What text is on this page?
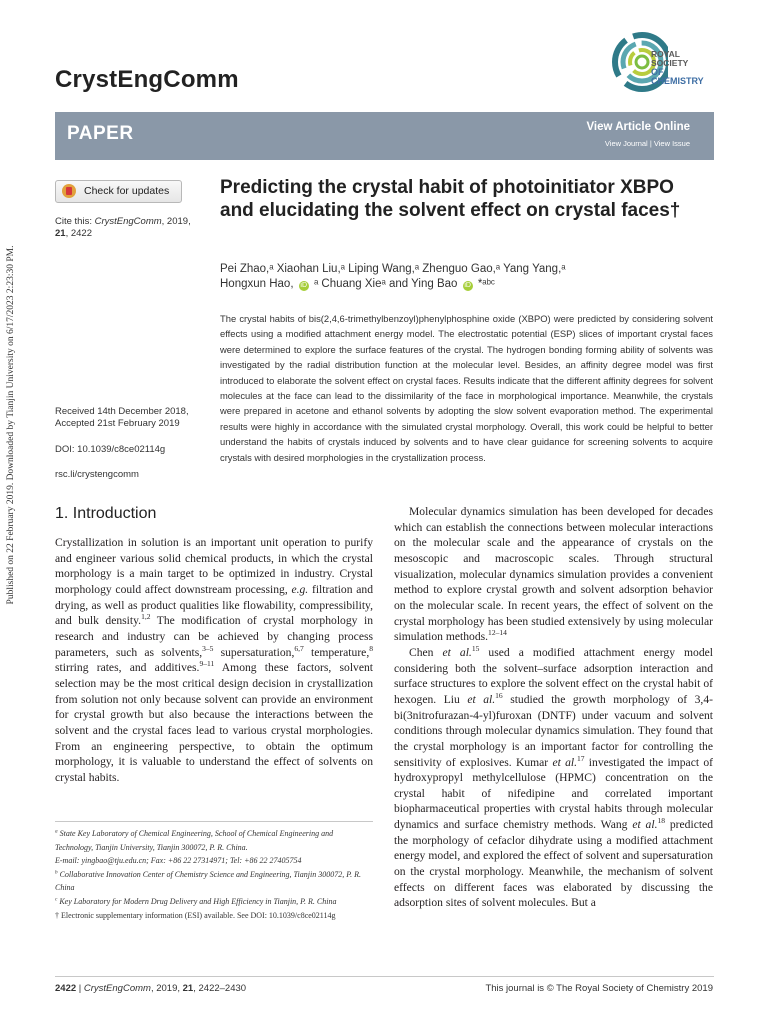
Published on 22 February 2019. Downloaded by Tianjin University on 6/17/2023 2:23:30 PM.
CrystEngComm
ROYAL SOCIETY
OF CHEMISTRY
PAPER	View Article Online
View Journal | View Issue
Check for updates
Cite this: CrystEngComm, 2019, 21, 2422
Received 14th December 2018,
Accepted 21st February 2019
DOI: 10.1039/c8ce02114g
rsc.li/crystengcomm
Predicting the crystal habit of photoinitiator XBPO and elucidating the solvent effect on crystal faces†
Pei Zhao,ᵃ Xiaohan Liu,ᵃ Liping Wang,ᵃ Zhenguo Gao,ᵃ Yang Yang,ᵃ
Hongxun Hao, iD ᵃ Chuang Xieᵃ and Ying Bao iD *ᵃᵇᶜ
The crystal habits of bis(2,4,6-trimethylbenzoyl)phenylphosphine oxide (XBPO) were predicted by considering solvent effects using a modified attachment energy model. The electrostatic potential (ESP) slices of important crystal faces were determined to explore the surface features of the crystal. The hydrogen bonding forming ability of solvents was investigated by the radial distribution function at the molecular level. Besides, an affinity degree model was first introduced to elaborate the solvent effect on crystal faces. Results indicate that the different affinity degrees for solvent molecules at the face can lead to the dissimilarity of the face in morphological importance. Meanwhile, the crystals were prepared in acetone and ethanol solvents by adopting the slow solvent evaporation method. The experimental results were highly in accordance with the simulated crystal morphology. Overall, this work could be helpful to better understand the habits of crystals induced by solvents and to have clear guidance for screening solvents to acquire crystals with desired morphologies in the crystallization process.
1. Introduction

Crystallization in solution is an important unit operation to purify and engineer various solid chemical products, in which the crystal morphology is a main target to be optimized in industry. Crystal morphology could affect downstream processing, e.g. filtration and drying, as well as product qualities like flowability, compressibility, and bulk density.$^{1,2}$ The modification of crystal morphology in research and industry can be achieved by changing process parameters, such as solvents,$^{3-5}$ supersaturation,$^{6,7}$ temperature,$^8$ stirring rates, and additives.$^{9-11}$ Among these factors, solvent selection may be the most critical design decision in crystallization from solution not only because solvent can provide an environment for crystal growth but also because the interactions between the solvent and the crystal faces lead to various crystal morphologies. From an engineering perspective, to obtain the optimum morphology, it is valuable to understand the effect of solvents on crystal habits.

Molecular dynamics simulation has been developed for decades which can establish the connections between molecular interactions on the molecular scale and the appearance of crystals on the mesoscopic and macroscopic scales. Through structural visualization, molecular dynamics simulation provides a convenient method to explore crystal growth and solvent adsorption behavior on the molecular scale. In recent years, the effect of solvent on the crystal morphology has been studied extensively by using molecular simulation methods.$^{12-14}$

Chen et al.$^{15}$ used a modified attachment energy model considering both the solvent–surface adsorption interaction and surface structures to explore the solvent effect on the crystal habit of hexogen. Liu et al.$^{16}$ studied the growth morphology of 3,4-bi(3nitrofurazan-4-yl)furoxan (DNTF) under vacuum and solvent conditions through molecular dynamics simulation. They found that the crystal morphology is an important factor for controlling the sensitivity of explosives. Kumar et al.$^{17}$ investigated the impact of hydroxypropyl methylcellulose (HPMC) concentration on the crystal habit of nifedipine and correlated important biopharmaceutical properties with crystal habits through molecular dynamics and surface chemistry methods. Wang et al.$^{18}$ predicted the morphology of cefaclor dihydrate using a modified attachment energy model, and explored the effect of solvent and supersaturation on the crystal morphology. Meanwhile, the mechanism of solvent effects on different faces was elaborated by discussing the adsorption sites of solvent molecules. But a

$^a$ State Key Laboratory of Chemical Engineering, School of Chemical Engineering and Technology, Tianjin University, Tianjin 300072, P. R. China.

E-mail: yingbao@tju.edu.cn; Fax: +86 22 27314971; Tel: +86 22 27405754

$^b$ Collaborative Innovation Center of Chemistry Science and Engineering, Tianjin 300072, P. R. China

$^c$ Key Laboratory for Modern Drug Delivery and High Efficiency in Tianjin, P. R. China

† Electronic supplementary information (ESI) available. See DOI: 10.1039/c8ce02114g

2422 | CrystEngComm, 2019, 21, 2422–2430	This journal is © The Royal Society of Chemistry 2019
